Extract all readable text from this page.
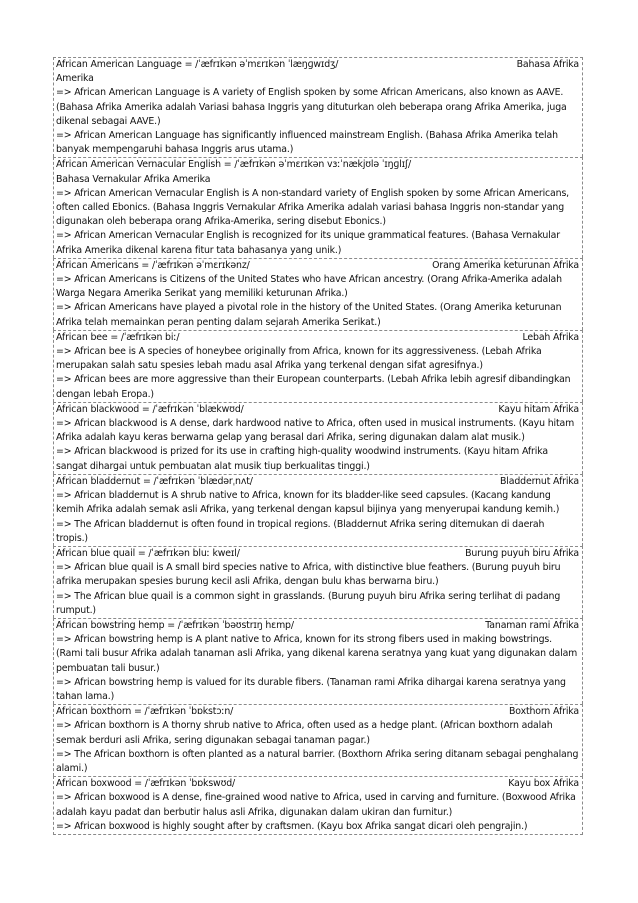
African American Language = /ˈæfrɪkən əˈmɛrɪkən ˈlæŋɡwɪdʒ/	Bahasa Afrika
Amerika
=> African American Language is A variety of English spoken by some African Americans, also known as AAVE. (Bahasa Afrika Amerika adalah Variasi bahasa Inggris yang dituturkan oleh beberapa orang Afrika Amerika, juga dikenal sebagai AAVE.)
=> African American Language has significantly influenced mainstream English. (Bahasa Afrika Amerika telah banyak mempengaruhi bahasa Inggris arus utama.)
African American Vernacular English = /ˈæfrɪkən əˈmɛrɪkən vɜːˈnækjʊlə ˈɪŋɡlɪʃ/
Bahasa Vernakular Afrika Amerika
=> African American Vernacular English is A non-standard variety of English spoken by some African Americans, often called Ebonics. (Bahasa Inggris Vernakular Afrika Amerika adalah variasi bahasa Inggris non-standar yang digunakan oleh beberapa orang Afrika-Amerika, sering disebut Ebonics.)
=> African American Vernacular English is recognized for its unique grammatical features. (Bahasa Vernakular Afrika Amerika dikenal karena fitur tata bahasanya yang unik.)
African Americans = /ˈæfrɪkən əˈmɛrɪkənz/	Orang Amerika keturunan Afrika
=> African Americans is Citizens of the United States who have African ancestry. (Orang Afrika-Amerika adalah Warga Negara Amerika Serikat yang memiliki keturunan Afrika.)
=> African Americans have played a pivotal role in the history of the United States. (Orang Amerika keturunan Afrika telah memainkan peran penting dalam sejarah Amerika Serikat.)
African bee = /ˈæfrɪkən biː/	Lebah Afrika
=> African bee is A species of honeybee originally from Africa, known for its aggressiveness. (Lebah Afrika merupakan salah satu spesies lebah madu asal Afrika yang terkenal dengan sifat agresifnya.)
=> African bees are more aggressive than their European counterparts. (Lebah Afrika lebih agresif dibandingkan dengan lebah Eropa.)
African blackwood = /ˈæfrɪkən ˈblækwʊd/	Kayu hitam Afrika
=> African blackwood is A dense, dark hardwood native to Africa, often used in musical instruments. (Kayu hitam Afrika adalah kayu keras berwarna gelap yang berasal dari Afrika, sering digunakan dalam alat musik.)
=> African blackwood is prized for its use in crafting high-quality woodwind instruments. (Kayu hitam Afrika sangat dihargai untuk pembuatan alat musik tiup berkualitas tinggi.)
African bladdernut = /ˈæfrɪkən ˈblædərˌnʌt/	Bladdernut Afrika
=> African bladdernut is A shrub native to Africa, known for its bladder-like seed capsules. (Kacang kandung kemih Afrika adalah semak asli Afrika, yang terkenal dengan kapsul bijinya yang menyerupai kandung kemih.)
=> The African bladdernut is often found in tropical regions. (Bladdernut Afrika sering ditemukan di daerah tropis.)
African blue quail = /ˈæfrɪkən bluː kweɪl/	Burung puyuh biru Afrika
=> African blue quail is A small bird species native to Africa, with distinctive blue feathers. (Burung puyuh biru afrika merupakan spesies burung kecil asli Afrika, dengan bulu khas berwarna biru.)
=> The African blue quail is a common sight in grasslands. (Burung puyuh biru Afrika sering terlihat di padang rumput.)
African bowstring hemp = /ˈæfrɪkən ˈbəʊstrɪŋ hɛmp/	Tanaman rami Afrika
=> African bowstring hemp is A plant native to Africa, known for its strong fibers used in making bowstrings. (Rami tali busur Afrika adalah tanaman asli Afrika, yang dikenal karena seratnya yang kuat yang digunakan dalam pembuatan tali busur.)
=> African bowstring hemp is valued for its durable fibers. (Tanaman rami Afrika dihargai karena seratnya yang tahan lama.)
African boxthorn = /ˈæfrɪkən ˈbɒkstɔːn/	Boxthorn Afrika
=> African boxthorn is A thorny shrub native to Africa, often used as a hedge plant. (African boxthorn adalah semak berduri asli Afrika, sering digunakan sebagai tanaman pagar.)
=> The African boxthorn is often planted as a natural barrier. (Boxthorn Afrika sering ditanam sebagai penghalang alami.)
African boxwood = /ˈæfrɪkən ˈbɒkswʊd/	Kayu box Afrika
=> African boxwood is A dense, fine-grained wood native to Africa, used in carving and furniture. (Boxwood Afrika adalah kayu padat dan berbutir halus asli Afrika, digunakan dalam ukiran dan furnitur.)
=> African boxwood is highly sought after by craftsmen. (Kayu box Afrika sangat dicari oleh pengrajin.)
